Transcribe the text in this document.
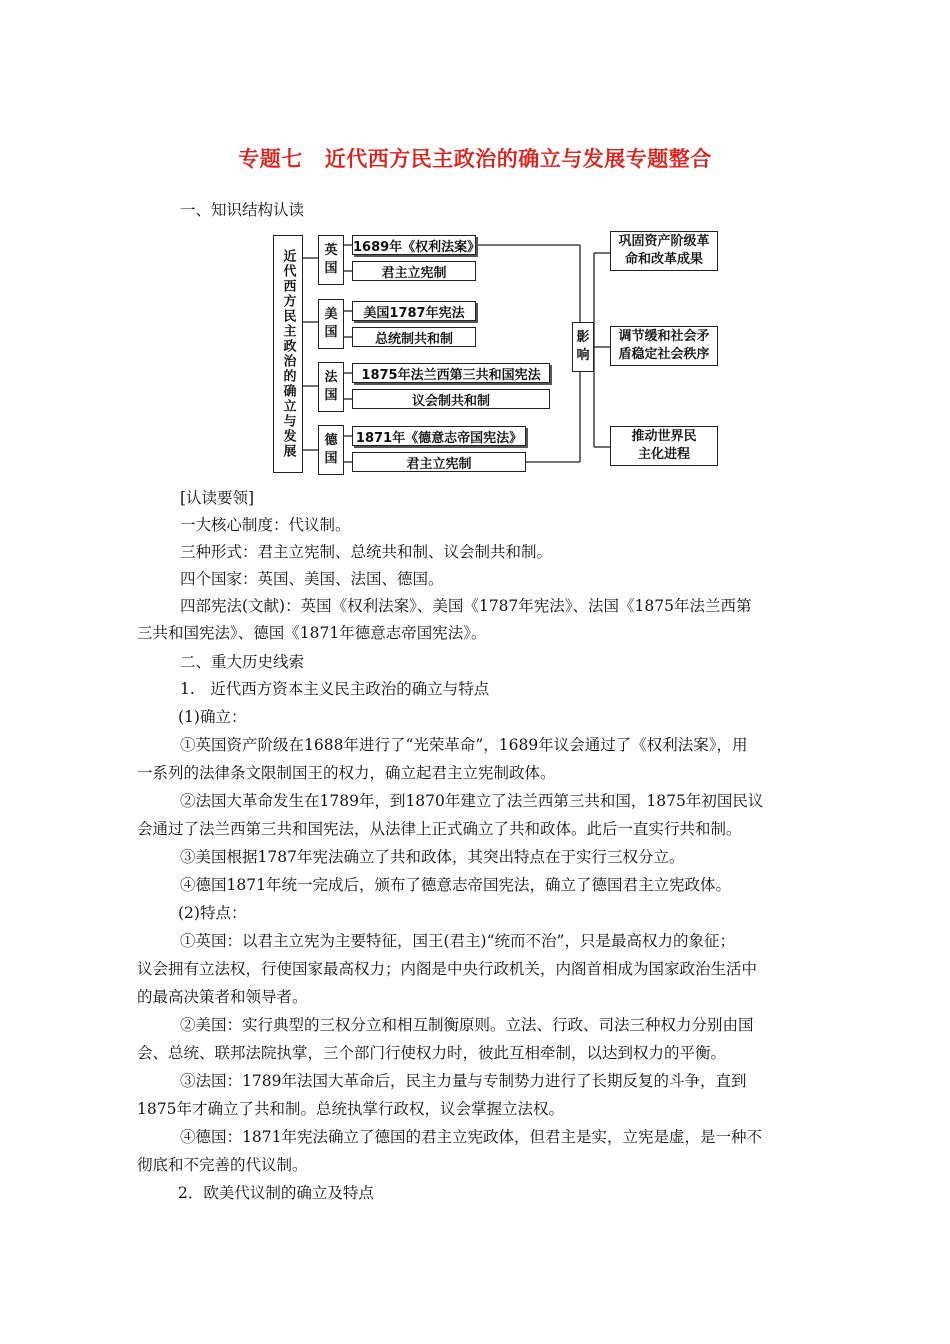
专题七 近代西方民主政治的确立与发展专题整合
一、知识结构认读
近代西方民主政治的确立与发展	英
国
美
国
法
国
德
国
1689年《权利法案》
君主立宪制
美国1787年宪法
总统制共和制
1875年法兰西第三共和国宪法
议会制共和制
1871年《德意志帝国宪法》
君主立宪制
影
响
巩固资产阶级革
命和改革成果
调节缓和社会矛
盾稳定社会秩序
推动世界民
主化进程
[认读要领]
一大核心制度：代议制。
三种形式：君主立宪制、总统共和制、议会制共和制。
四个国家：英国、美国、法国、德国。
四部宪法(文献)：英国《权利法案》、美国《1787年宪法》、法国《1875年法兰西第
三共和国宪法》、德国《1871年德意志帝国宪法》。
二、重大历史线索
1.　近代西方资本主义民主政治的确立与特点
(1)确立：
①英国资产阶级在1688年进行了“光荣革命”，1689年议会通过了《权利法案》，用
一系列的法律条文限制国王的权力，确立起君主立宪制政体。
②法国大革命发生在1789年，到1870年建立了法兰西第三共和国，1875年初国民议
会通过了法兰西第三共和国宪法，从法律上正式确立了共和政体。此后一直实行共和制。
③美国根据1787年宪法确立了共和政体，其突出特点在于实行三权分立。
④德国1871年统一完成后，颁布了德意志帝国宪法，确立了德国君主立宪政体。
(2)特点：
①英国：以君主立宪为主要特征，国王(君主)“统而不治”，只是最高权力的象征；
议会拥有立法权，行使国家最高权力；内阁是中央行政机关，内阁首相成为国家政治生活中
的最高决策者和领导者。
②美国：实行典型的三权分立和相互制衡原则。立法、行政、司法三种权力分别由国
会、总统、联邦法院执掌，三个部门行使权力时，彼此互相牵制，以达到权力的平衡。
③法国：1789年法国大革命后，民主力量与专制势力进行了长期反复的斗争，直到
1875年才确立了共和制。总统执掌行政权，议会掌握立法权。
④德国：1871年宪法确立了德国的君主立宪政体，但君主是实，立宪是虚，是一种不
彻底和不完善的代议制。
2．欧美代议制的确立及特点
